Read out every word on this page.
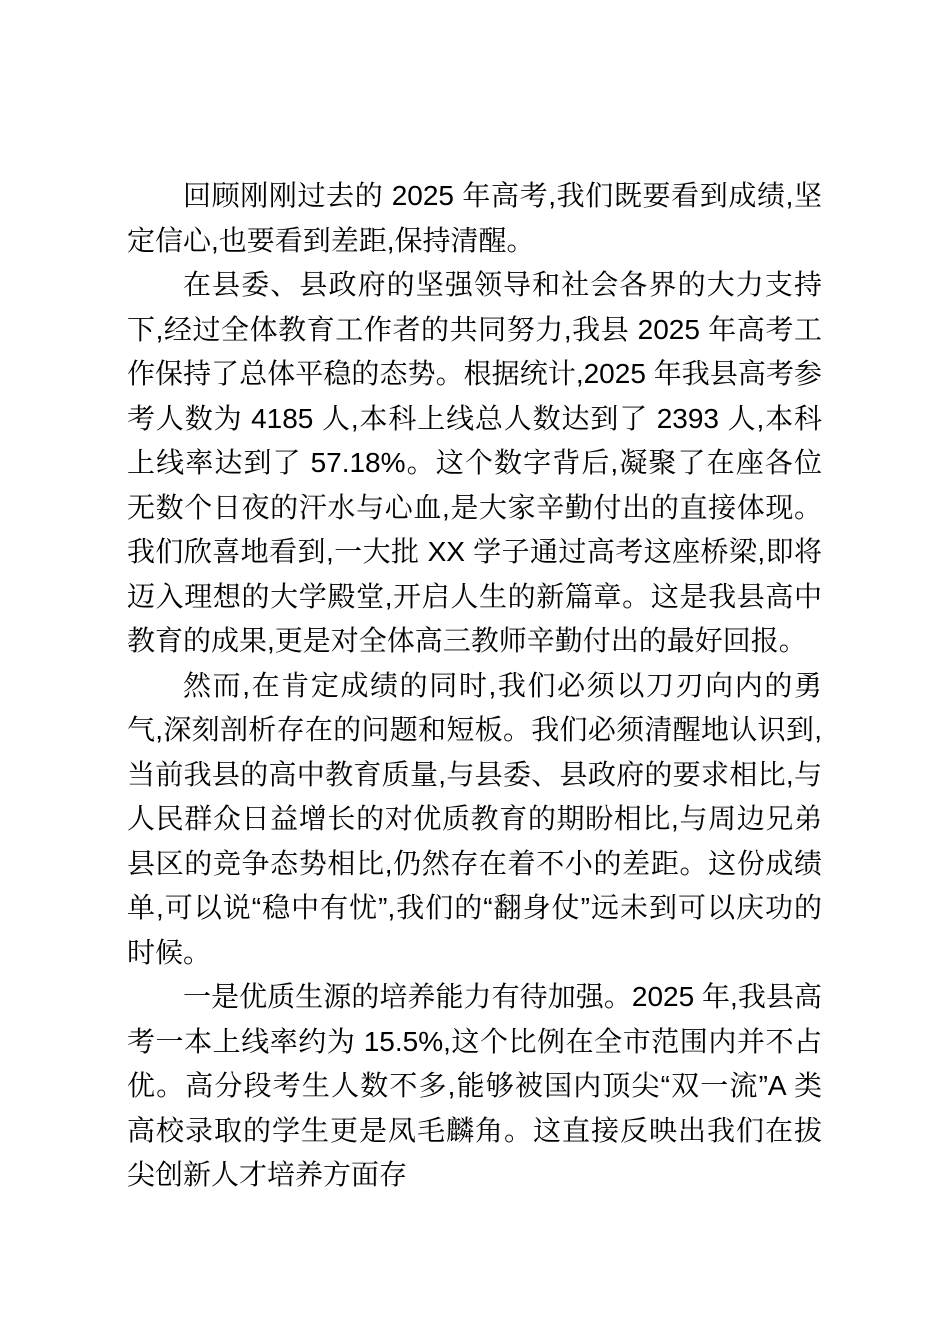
回顾刚刚过去的 2025 年高考,我们既要看到成绩,坚定信心,也要看到差距,保持清醒。

在县委、县政府的坚强领导和社会各界的大力支持下,经过全体教育工作者的共同努力,我县 2025 年高考工作保持了总体平稳的态势。根据统计,2025 年我县高考参考人数为 4185 人,本科上线总人数达到了 2393 人,本科上线率达到了 57.18%。这个数字背后,凝聚了在座各位无数个日夜的汗水与心血,是大家辛勤付出的直接体现。我们欣喜地看到,一大批 XX 学子通过高考这座桥梁,即将迈入理想的大学殿堂,开启人生的新篇章。这是我县高中教育的成果,更是对全体高三教师辛勤付出的最好回报。

然而,在肯定成绩的同时,我们必须以刀刃向内的勇气,深刻剖析存在的问题和短板。我们必须清醒地认识到,当前我县的高中教育质量,与县委、县政府的要求相比,与人民群众日益增长的对优质教育的期盼相比,与周边兄弟县区的竞争态势相比,仍然存在着不小的差距。这份成绩单,可以说“稳中有忧”,我们的“翻身仗”远未到可以庆功的时候。

一是优质生源的培养能力有待加强。2025 年,我县高考一本上线率约为 15.5%,这个比例在全市范围内并不占优。高分段考生人数不多,能够被国内顶尖“双一流”A 类高校录取的学生更是凤毛麟角。这直接反映出我们在拔尖创新人才培养方面存
